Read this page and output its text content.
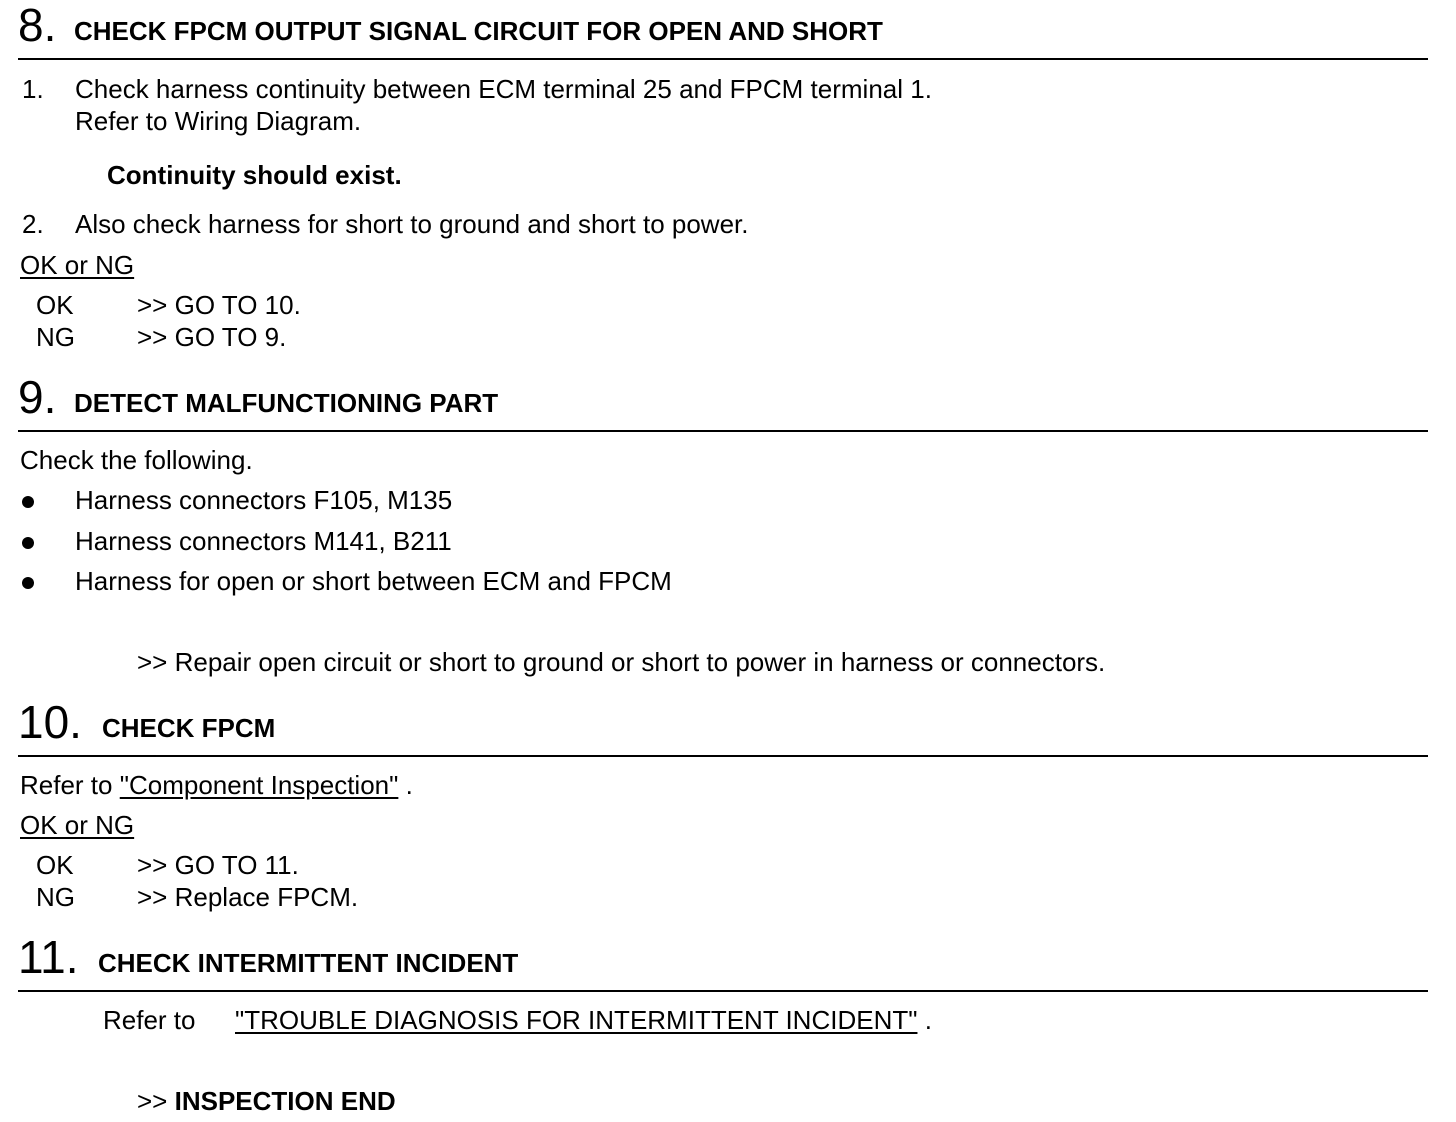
8. CHECK FPCM OUTPUT SIGNAL CIRCUIT FOR OPEN AND SHORT
1. Check harness continuity between ECM terminal 25 and FPCM terminal 1.
Refer to Wiring Diagram.
Continuity should exist.
2. Also check harness for short to ground and short to power.
OK or NG
OK >> GO TO 10.
NG >> GO TO 9.
9. DETECT MALFUNCTIONING PART
Check the following.
Harness connectors F105, M135
Harness connectors M141, B211
Harness for open or short between ECM and FPCM
>> Repair open circuit or short to ground or short to power in harness or connectors.
10. CHECK FPCM
Refer to "Component Inspection" .
OK or NG
OK >> GO TO 11.
NG >> Replace FPCM.
11. CHECK INTERMITTENT INCIDENT
Refer to "TROUBLE DIAGNOSIS FOR INTERMITTENT INCIDENT" .
>> INSPECTION END
